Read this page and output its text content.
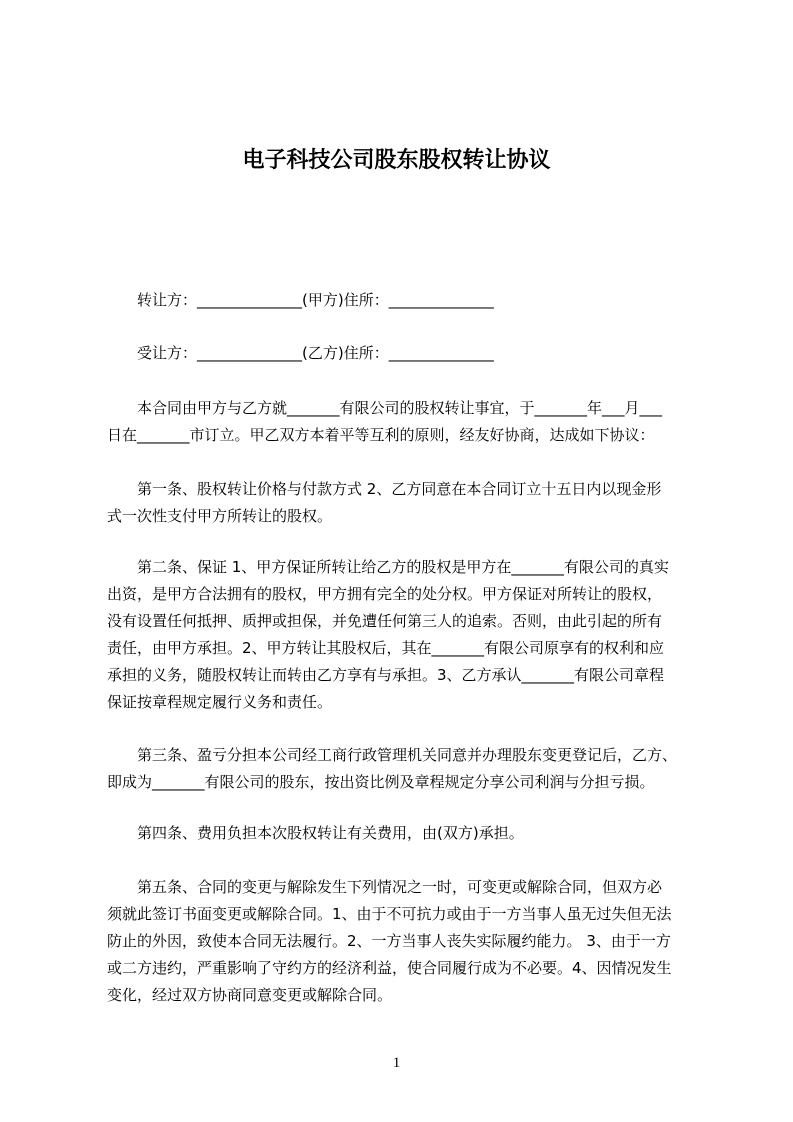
电子科技公司股东股权转让协议
转让方：______________(甲方)住所：______________
受让方：______________(乙方)住所：______________
本合同由甲方与乙方就_______有限公司的股权转让事宜，于_______年___月___
日在_______市订立。甲乙双方本着平等互利的原则，经友好协商，达成如下协议：
第一条、股权转让价格与付款方式 2、乙方同意在本合同订立十五日内以现金形
式一次性支付甲方所转让的股权。
第二条、保证 1、甲方保证所转让给乙方的股权是甲方在_______有限公司的真实
出资，是甲方合法拥有的股权，甲方拥有完全的处分权。甲方保证对所转让的股权，
没有设置任何抵押、质押或担保，并免遭任何第三人的追索。否则，由此引起的所有
责任，由甲方承担。2、甲方转让其股权后，其在_______有限公司原享有的权利和应
承担的义务，随股权转让而转由乙方享有与承担。3、乙方承认_______有限公司章程
保证按章程规定履行义务和责任。
第三条、盈亏分担本公司经工商行政管理机关同意并办理股东变更登记后，乙方、
即成为_______有限公司的股东，按出资比例及章程规定分享公司利润与分担亏损。
第四条、费用负担本次股权转让有关费用，由(双方)承担。
第五条、合同的变更与解除发生下列情况之一时，可变更或解除合同，但双方必
须就此签订书面变更或解除合同。1、由于不可抗力或由于一方当事人虽无过失但无法
防止的外因，致使本合同无法履行。2、一方当事人丧失实际履约能力。 3、由于一方
或二方违约，严重影响了守约方的经济利益，使合同履行成为不必要。4、因情况发生
变化，经过双方协商同意变更或解除合同。
1
